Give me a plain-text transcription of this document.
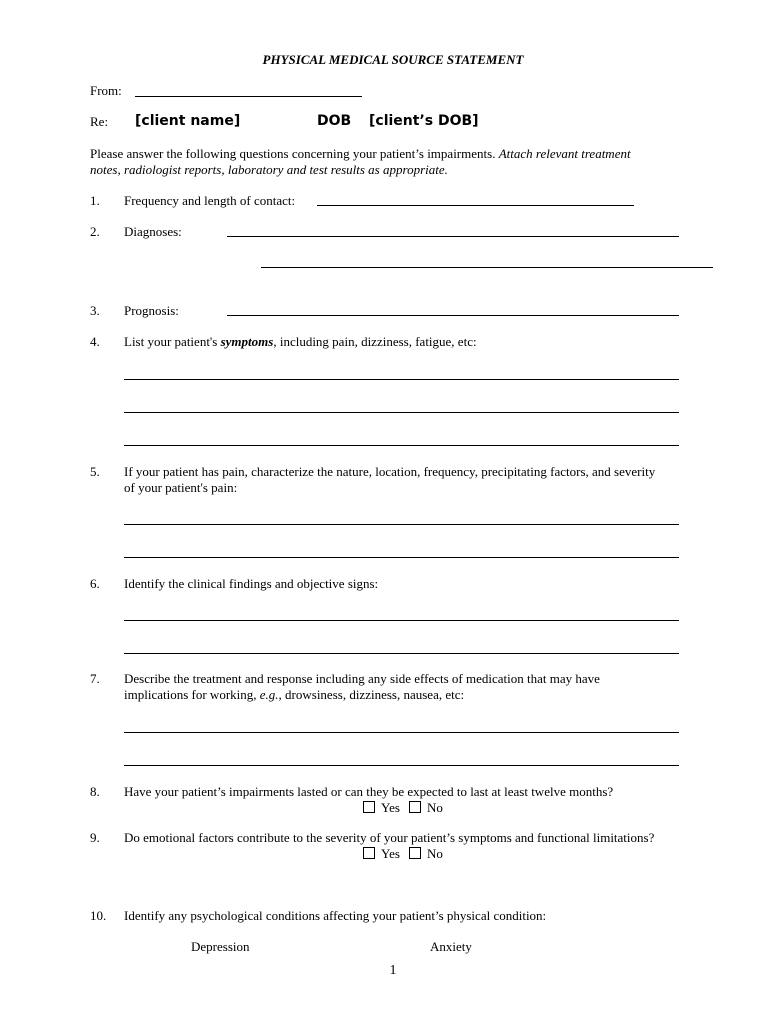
PHYSICAL MEDICAL SOURCE STATEMENT
From:
Re: [client name]	DOB [client’s DOB]
Please answer the following questions concerning your patient’s impairments. Attach relevant treatment
notes, radiologist reports, laboratory and test results as appropriate.
1. Frequency and length of contact:
2. Diagnoses:
3. Prognosis:
4. List your patient's symptoms, including pain, dizziness, fatigue, etc:
5. If your patient has pain, characterize the nature, location, frequency, precipitating factors, and severity
of your patient's pain:
6. Identify the clinical findings and objective signs:
7. Describe the treatment and response including any side effects of medication that may have
implications for working, e.g., drowsiness, dizziness, nausea, etc:
8. Have your patient’s impairments lasted or can they be expected to last at least twelve months?
Yes	No
9. Do emotional factors contribute to the severity of your patient’s symptoms and functional limitations?
Yes	No
10. Identify any psychological conditions affecting your patient’s physical condition:
Depression	Anxiety
1
